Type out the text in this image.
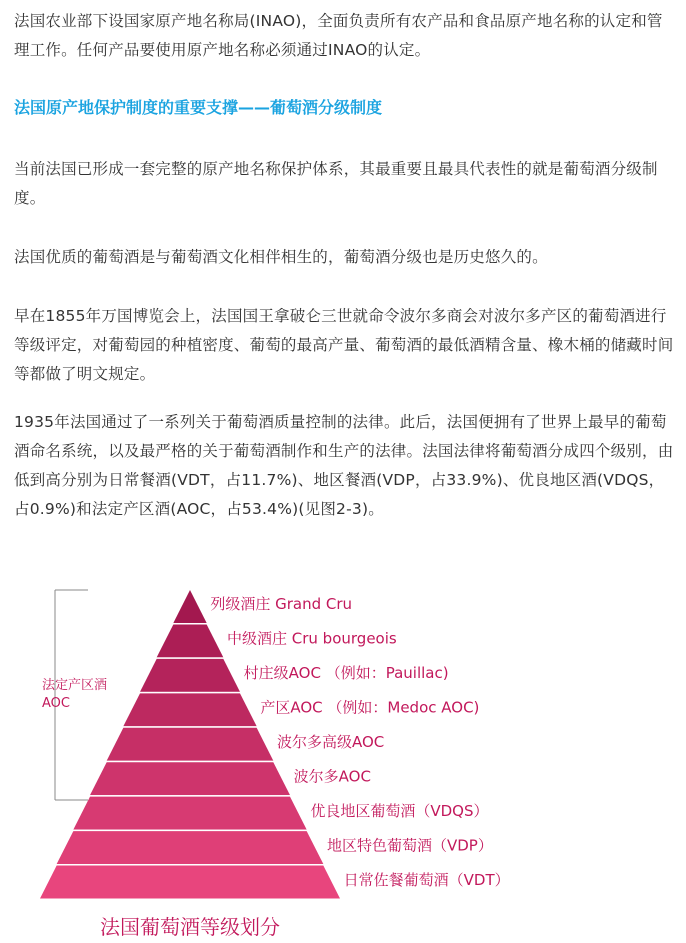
法国农业部下设国家原产地名称局(INAO)，全面负责所有农产品和食品原产地名称的认定和管理工作。任何产品要使用原产地名称必须通过INAO的认定。

法国原产地保护制度的重要支撑——葡萄酒分级制度

当前法国已形成一套完整的原产地名称保护体系，其最重要且最具代表性的就是葡萄酒分级制度。

法国优质的葡萄酒是与葡萄酒文化相伴相生的，葡萄酒分级也是历史悠久的。

早在1855年万国博览会上，法国国王拿破仑三世就命令波尔多商会对波尔多产区的葡萄酒进行等级评定，对葡萄园的种植密度、葡萄的最高产量、葡萄酒的最低酒精含量、橡木桶的储藏时间等都做了明文规定。

1935年法国通过了一系列关于葡萄酒质量控制的法律。此后，法国便拥有了世界上最早的葡萄酒命名系统，以及最严格的关于葡萄酒制作和生产的法律。法国法律将葡萄酒分成四个级别，由低到高分别为日常餐酒(VDT，占11.7%)、地区餐酒(VDP，占33.9%)、优良地区酒(VDQS，占0.9%)和法定产区酒(AOC，占53.4%)(见图2-3)。

法定产区酒
AOC
列级酒庄 Grand Cru
中级酒庄 Cru bourgeois
村庄级AOC （例如：Pauillac)
产区AOC （例如：Medoc AOC)
波尔多高级AOC
波尔多AOC
优良地区葡萄酒（VDQS）
地区特色葡萄酒（VDP）
日常佐餐葡萄酒（VDT）
法国葡萄酒等级划分
